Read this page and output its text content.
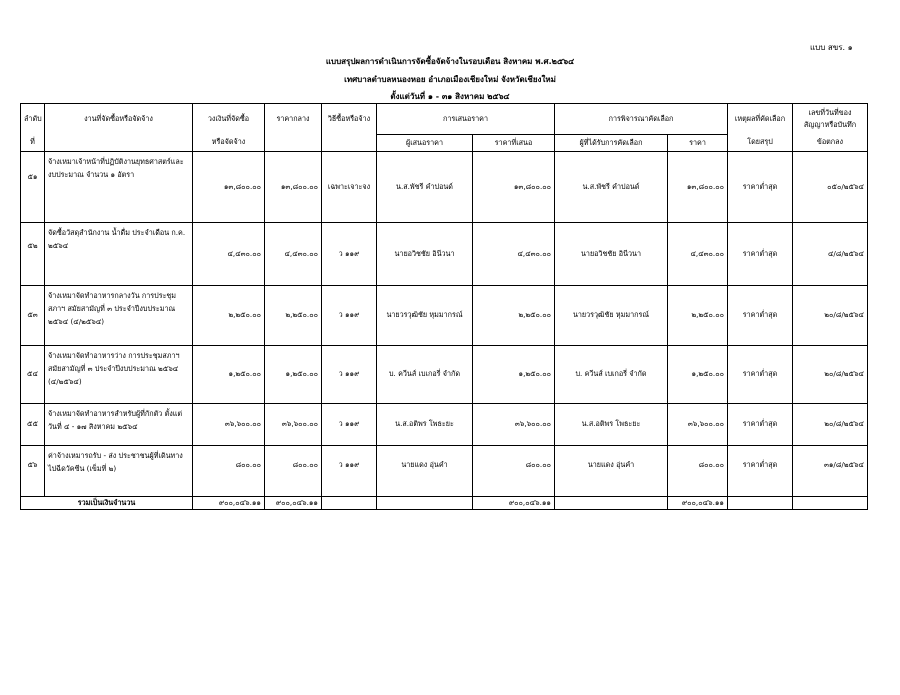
แบบ สขร. ๑
แบบสรุปผลการดำเนินการจัดซื้อจัดจ้างในรอบเดือน สิงหาคม พ.ศ.๒๕๖๔
เทศบาลตำบลหนองหอย อำเภอเมืองเชียงใหม่ จังหวัดเชียงใหม่
ตั้งแต่วันที่ ๑ - ๓๑ สิงหาคม ๒๕๖๔
ลำดับ	งานที่จัดซื้อหรือจัดจ้าง	วงเงินที่จัดซื้อ	ราคากลาง	วิธีซื้อหรือจ้าง	การเสนอราคา		การพิจารณาคัดเลือก		เหตุผลที่คัดเลือก	เลขที่วันที่ของ
สัญญาหรือบันทึก
ที่		หรือจัดจ้าง			ผู้เสนอราคา	ราคาที่เสนอ	ผู้ที่ได้รับการคัดเลือก	ราคา	โดยสรุป	ข้อตกลง
๕๑	จ้างเหมาเจ้าหน้าที่ปฏิบัติงานยุทธศาสตร์และงบประมาณ จำนวน ๑ อัตรา	๑๓,๘๐๐.๐๐	๑๓,๘๐๐.๐๐	เฉพาะเจาะจง	น.ส.พัชรี คำปอนด์	๑๓,๘๐๐.๐๐	น.ส.พัชรี คำปอนด์	๑๓,๘๐๐.๐๐	ราคาต่ำสุด	๐๕๐/๒๕๖๔
๕๒	จัดซื้อวัสดุสำนักงาน น้ำดื่ม ประจำเดือน ก.ค. ๒๕๖๔	๔,๔๓๐.๐๐	๔,๔๓๐.๐๐	ว ๑๑๙	นายอวิชชัย อินีวนา	๔,๔๓๐.๐๐	นายอวิชชัย อินีวนา	๔,๔๓๐.๐๐	ราคาต่ำสุด	๔/๘/๒๕๖๔
๕๓	จ้างเหมาจัดทำอาหารกลางวัน การประชุมสภาฯ สมัยสามัญที่ ๓ ประจำปีงบประมาณ ๒๕๖๔ (๔/๒๕๖๔)	๒,๒๕๐.๐๐	๒,๒๕๐.๐๐	ว ๑๑๙	นายวรวุฒิชัย หุมมากรณ์	๒,๒๕๐.๐๐	นายวรวุฒิชัย หุมมากรณ์	๒,๒๕๐.๐๐	ราคาต่ำสุด	๒๐/๘/๒๕๖๔
๕๔	จ้างเหมาจัดทำอาหารว่าง การประชุมสภาฯ สมัยสามัญที่ ๓ ประจำปีงบประมาณ ๒๕๖๔ (๔/๒๕๖๔)	๑,๒๕๐.๐๐	๑,๒๕๐.๐๐	ว ๑๑๙	บ. ควีนส์ เบเกอรี่ จำกัด	๑,๒๕๐.๐๐	บ. ควีนส์ เบเกอรี่ จำกัด	๑,๒๕๐.๐๐	ราคาต่ำสุด	๒๐/๘/๒๕๖๔
๕๕	จ้างเหมาจัดทำอาหารสำหรับผู้ที่กักตัว ตั้งแต่วันที่ ๔ - ๑๗ สิงหาคม ๒๕๖๔	๓๖,๖๐๐.๐๐	๓๖,๖๐๐.๐๐	ว ๑๑๙	น.ส.อติพร โพธะยะ	๓๖,๖๐๐.๐๐	น.ส.อติพร โพธะยะ	๓๖,๖๐๐.๐๐	ราคาต่ำสุด	๒๐/๘/๒๕๖๔
๕๖	ค่าจ้างเหมารถรับ - ส่ง ประชาชนผู้ที่เดินทางไปฉีดวัคซีน (เข็มที่ ๒)	๘๐๐.๐๐	๘๐๐.๐๐	ว ๑๑๙	นายแดง อุ่นคำ	๘๐๐.๐๐	นายแดง อุ่นคำ	๘๐๐.๐๐	ราคาต่ำสุด	๓๑/๘/๒๕๖๔
รวมเป็นเงินจำนวน		๙๐๐,๐๔๖.๑๑	๙๐๐,๐๔๖.๑๑			๙๐๐,๐๔๖.๑๑		๙๐๐,๐๔๖.๑๑		
